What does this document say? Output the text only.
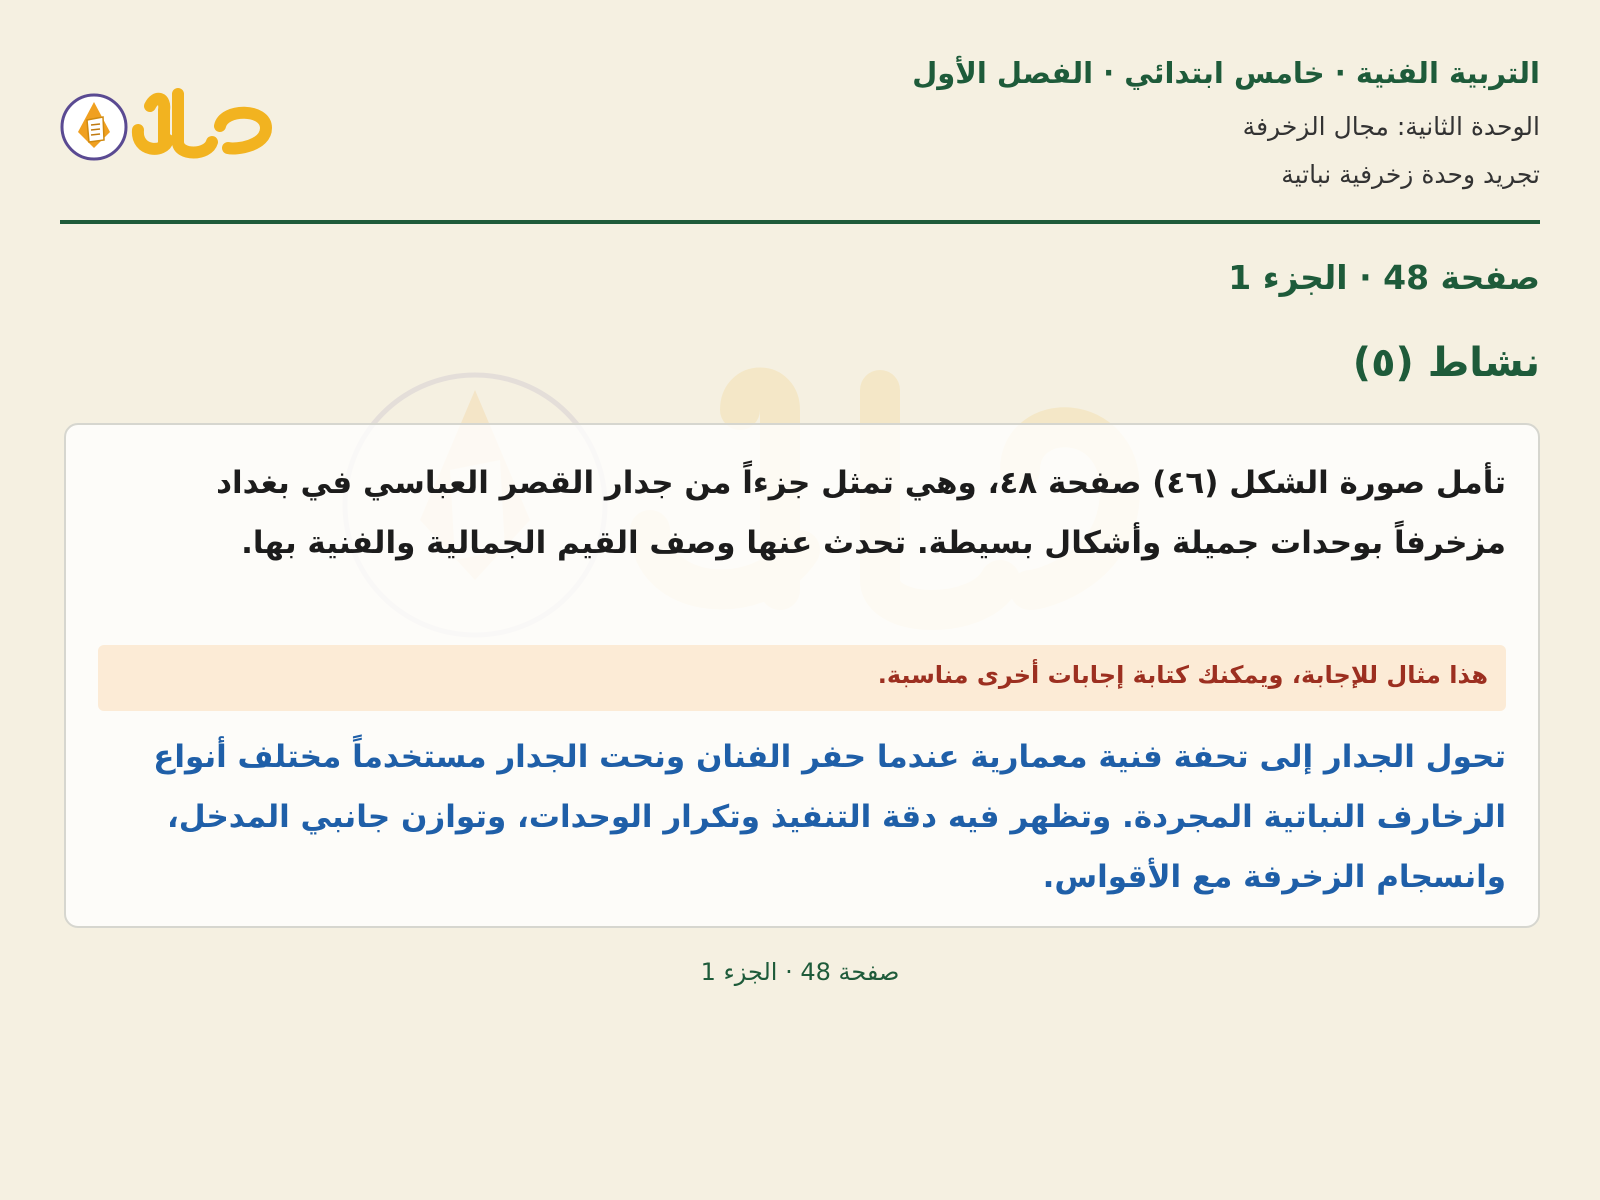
التربية الفنية · خامس ابتدائي · الفصل الأول
الوحدة الثانية: مجال الزخرفة
تجريد وحدة زخرفية نباتية
صفحة 48 · الجزء 1
نشاط (٥)
تأمل صورة الشكل (٤٦) صفحة ٤٨، وهي تمثل جزءاً من جدار القصر العباسي في بغداد مزخرفاً بوحدات جميلة وأشكال بسيطة. تحدث عنها وصف القيم الجمالية والفنية بها.
هذا مثال للإجابة، ويمكنك كتابة إجابات أخرى مناسبة.
تحول الجدار إلى تحفة فنية معمارية عندما حفر الفنان ونحت الجدار مستخدماً مختلف أنواع الزخارف النباتية المجردة. وتظهر فيه دقة التنفيذ وتكرار الوحدات، وتوازن جانبي المدخل، وانسجام الزخرفة مع الأقواس.
صفحة 48 · الجزء 1
